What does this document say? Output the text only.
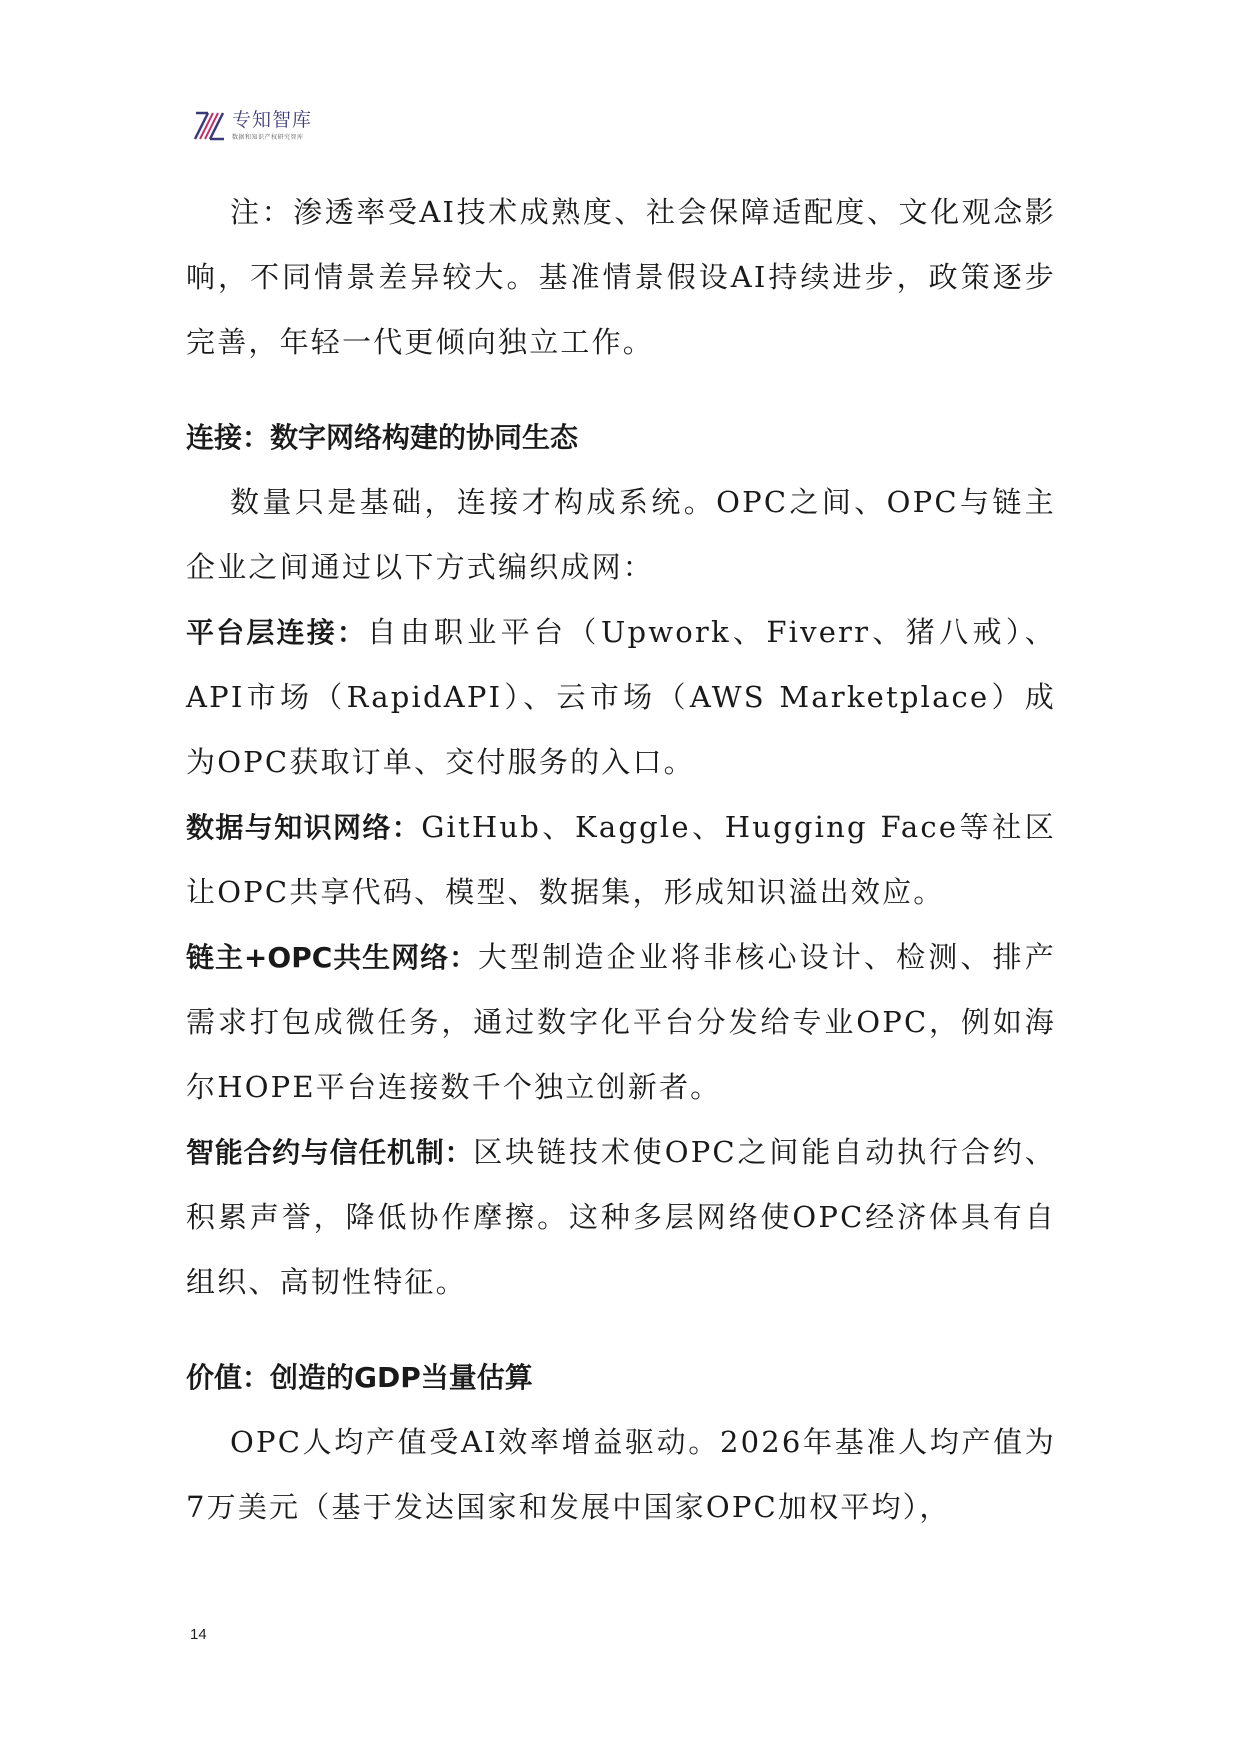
专知智库
数据和知识产权研究智库

注：渗透率受AI技术成熟度、社会保障适配度、文化观念影响，不同情景差异较大。基准情景假设AI持续进步，政策逐步完善，年轻一代更倾向独立工作。

连接：数字网络构建的协同生态

数量只是基础，连接才构成系统。OPC之间、OPC与链主企业之间通过以下方式编织成网：

平台层连接：自由职业平台（Upwork、Fiverr、猪八戒）、API市场（RapidAPI）、云市场（AWS Marketplace）成为OPC获取订单、交付服务的入口。

数据与知识网络：GitHub、Kaggle、Hugging Face等社区让OPC共享代码、模型、数据集，形成知识溢出效应。

链主+OPC共生网络：大型制造企业将非核心设计、检测、排产需求打包成微任务，通过数字化平台分发给专业OPC，例如海尔HOPE平台连接数千个独立创新者。

智能合约与信任机制：区块链技术使OPC之间能自动执行合约、积累声誉，降低协作摩擦。这种多层网络使OPC经济体具有自组织、高韧性特征。

价值：创造的GDP当量估算

OPC人均产值受AI效率增益驱动。2026年基准人均产值为7万美元（基于发达国家和发展中国家OPC加权平均），

14
